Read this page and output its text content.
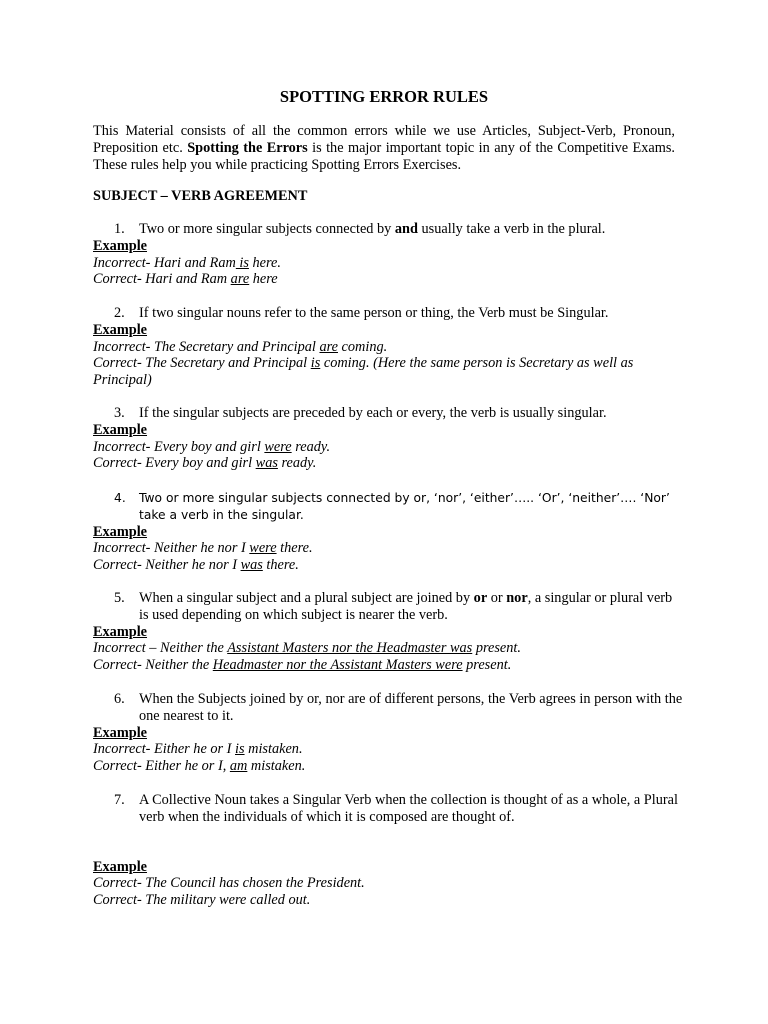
SPOTTING ERROR RULES
This Material consists of all the common errors while we use Articles, Subject-Verb, Pronoun, Preposition etc. Spotting the Errors is the major important topic in any of the Competitive Exams. These rules help you while practicing Spotting Errors Exercises.
SUBJECT – VERB AGREEMENT
1. Two or more singular subjects connected by and usually take a verb in the plural.
Example
Incorrect- Hari and Ram is here.
Correct- Hari and Ram are here
2. If two singular nouns refer to the same person or thing, the Verb must be Singular.
Example
Incorrect- The Secretary and Principal are coming.
Correct- The Secretary and Principal is coming. (Here the same person is Secretary as well as Principal)
3. If the singular subjects are preceded by each or every, the verb is usually singular.
Example
Incorrect- Every boy and girl were ready.
Correct- Every boy and girl was ready.
4. Two or more singular subjects connected by or, ‘nor’, ‘either’….. ‘Or’, ‘neither’…. ‘Nor’ take a verb in the singular.
Example
Incorrect- Neither he nor I were there.
Correct- Neither he nor I was there.
5. When a singular subject and a plural subject are joined by or or nor, a singular or plural verb is used depending on which subject is nearer the verb.
Example
Incorrect – Neither the Assistant Masters nor the Headmaster was present.
Correct- Neither the Headmaster nor the Assistant Masters were present.
6. When the Subjects joined by or, nor are of different persons, the Verb agrees in person with the one nearest to it.
Example
Incorrect- Either he or I is mistaken.
Correct- Either he or I, am mistaken.
7. A Collective Noun takes a Singular Verb when the collection is thought of as a whole, a Plural verb when the individuals of which it is composed are thought of.
Example
Correct- The Council has chosen the President.
Correct- The military were called out.
